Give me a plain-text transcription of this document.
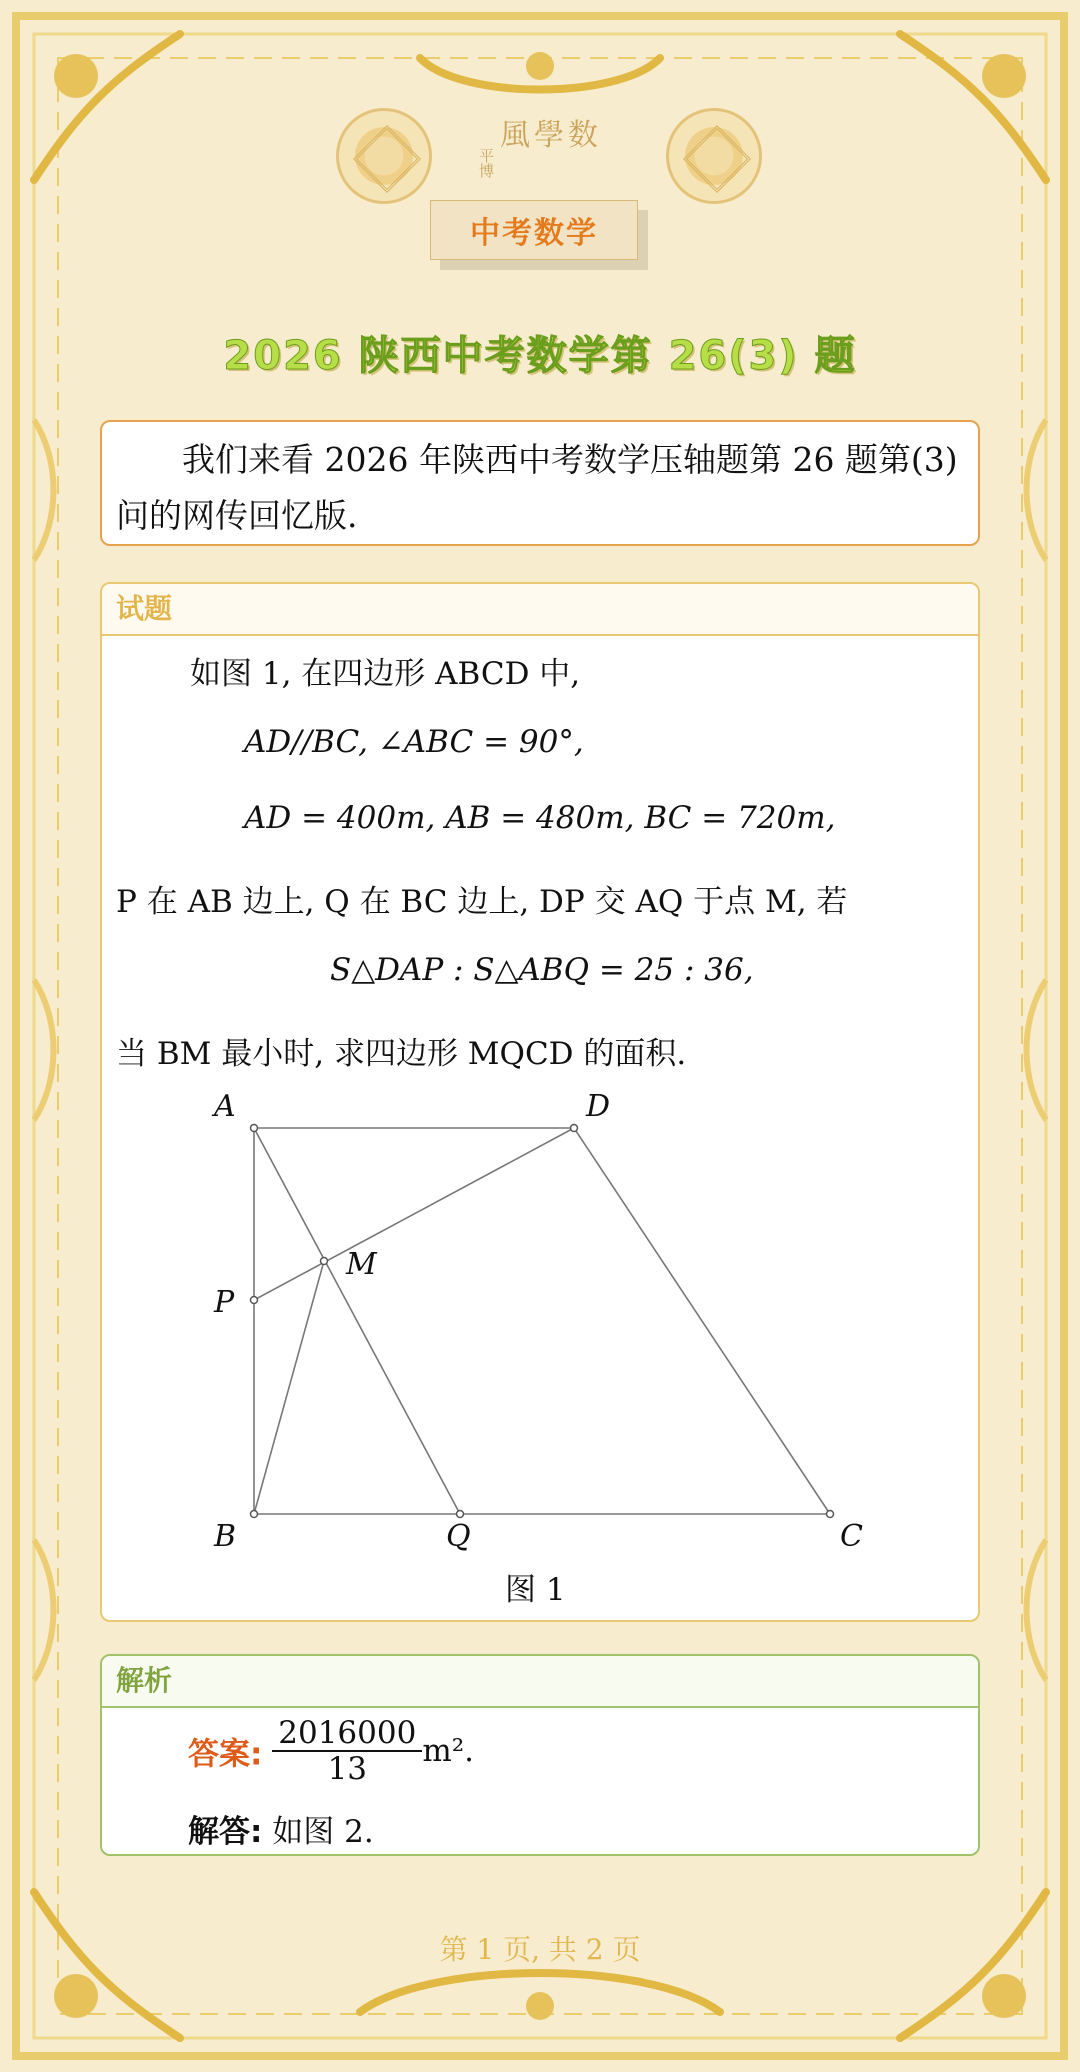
風學数
平博
中考数学
2026 陕西中考数学第 26(3) 题

我们来看 2026 年陕西中考数学压轴题第 26 题第(3) 问的网传回忆版.

试题
如图 1, 在四边形 ABCD 中,
AD//BC, ∠ABC = 90°,
AD = 400m, AB = 480m, BC = 720m,
P 在 AB 边上, Q 在 BC 边上, DP 交 AQ 于点 M, 若
S△DAP : S△ABQ = 25 : 36,
当 BM 最小时, 求四边形 MQCD 的面积.
A	D
M
P
B	Q	C
图 1
解析
答案: $\frac{2016000}{13} m^2$.
解答: 如图 2.
第 1 页, 共 2 页
